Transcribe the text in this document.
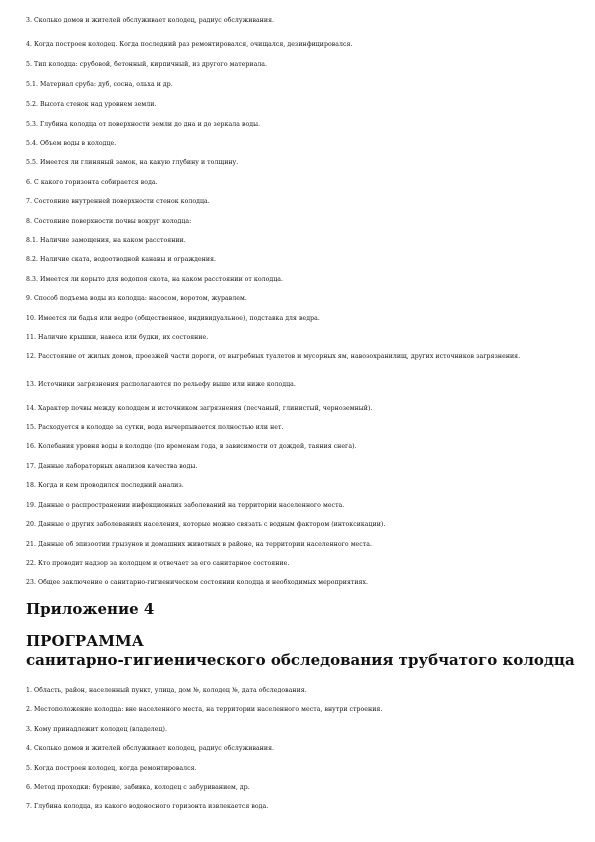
3. Сколько домов и жителей обслуживает колодец, радиус обслуживания.
4. Когда построен колодец. Когда последний раз ремонтировался, очищался, дезинфицировался.
5. Тип колодца: срубовой, бетонный, кирпичный, из другого материала.
5.1. Материал сруба: дуб, сосна, ольха и др.
5.2. Высота стенок над уровнем земли.
5.3. Глубина колодца от поверхности земли до дна и до зеркала воды.
5.4. Объем воды в колодце.
5.5. Имеется ли глиняный замок, на какую глубину и толщину.
6. С какого горизонта собирается вода.
7. Состояние внутренней поверхности стенок колодца.
8. Состояние поверхности почвы вокруг колодца:
8.1. Наличие замощения, на каком расстоянии.
8.2. Наличие ската, водоотводной канавы и ограждения.
8.3. Имеется ли корыто для водопоя скота, на каком расстоянии от колодца.
9. Способ подъема воды из колодца: насосом, воротом, журавлем.
10. Имеется ли бадья или ведро (общественное, индивидуальное), подставка для ведра.
11. Наличие крышки, навеса или будки, их состояние.
12. Расстояние от жилых домов, проезжей части дороги, от выгребных туалетов и мусорных ям, навозохранилищ, других источников загрязнения.
13. Источники загрязнения располагаются по рельефу выше или ниже колодца.
14. Характер почвы между колодцем и источником загрязнения (песчаный, глинистый, черноземный).
15. Расходуется в колодце за сутки, вода вычерпывается полностью или нет.
16. Колебания уровня воды в колодце (по временам года, в зависимости от дождей, таяния снега).
17. Данные лабораторных анализов качества воды.
18. Когда и кем проводился последний анализ.
19. Данные о распространении инфекционных заболеваний на территории населенного места.
20. Данные о других заболеваниях населения, которые можно связать с водным фактором (интоксикации).
21. Данные об эпизоотии грызунов и домашних животных в районе, на территории населенного места.
22. Кто проводит надзор за колодцем и отвечает за его санитарное состояние.
23. Общее заключение о санитарно-гигиеническом состоянии колодца и необходимых мероприятиях.
Приложение 4
ПРОГРАММА
санитарно-гигиенического обследования трубчатого колодца
1. Область, район, населенный пункт, улица, дом №, колодец №, дата обследования.
2. Местоположение колодца: вне населенного места, на территории населенного места, внутри строения.
3. Кому принадлежит колодец (владелец).
4. Сколько домов и жителей обслуживает колодец, радиус обслуживания.
5. Когда построен колодец, когда ремонтировался.
6. Метод проходки: бурение, забивка, колодец с забуриванием, др.
7. Глубина колодца, из какого водоносного горизонта извлекается вода.
